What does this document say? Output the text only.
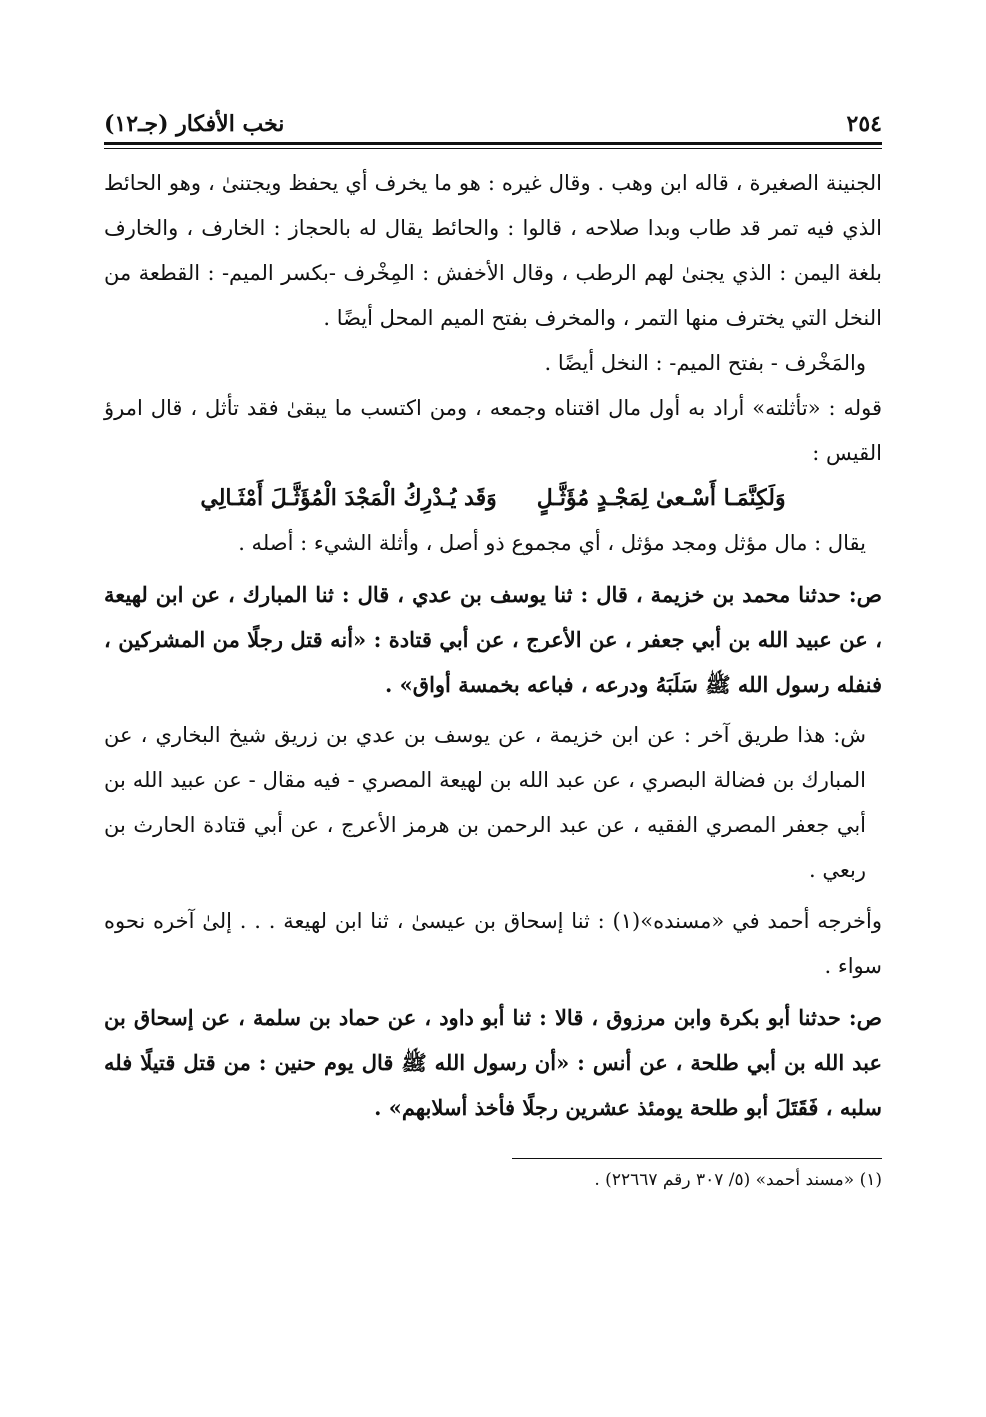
٢٥٤
نخب الأفكار (جـ١٢)

الجنينة الصغيرة ، قاله ابن وهب . وقال غيره : هو ما يخرف أي يحفظ ويجتنىٰ ، وهو الحائط الذي فيه تمر قد طاب وبدا صلاحه ، قالوا : والحائط يقال له بالحجاز : الخارف ، والخارف بلغة اليمن : الذي يجنىٰ لهم الرطب ، وقال الأخفش : المِخْرف -بكسر الميم- : القطعة من النخل التي يخترف منها التمر ، والمخرف بفتح الميم المحل أيضًا .

والمَخْرف - بفتح الميم- : النخل أيضًا .

قوله : «تأثلته» أراد به أول مال اقتناه وجمعه ، ومن اكتسب ما يبقىٰ فقد تأثل ، قال امرؤ القيس :

وَلَكِنَّمَـا أَسْـعىٰ لِمَجْـدٍ مُؤَثَّـلٍ
وَقَد يُـدْرِكُ الْمَجْدَ الْمُؤَثَّـلَ أَمْثَـالِي

يقال : مال مؤثل ومجد مؤثل ، أي مجموع ذو أصل ، وأثلة الشيء : أصله .

ص: حدثنا محمد بن خزيمة ، قال : ثنا يوسف بن عدي ، قال : ثنا المبارك ، عن ابن لهيعة ، عن عبيد الله بن أبي جعفر ، عن الأعرج ، عن أبي قتادة : «أنه قتل رجلًا من المشركين ، فنفله رسول الله ﷺ سَلَبَهُ ودرعه ، فباعه بخمسة أواق» .

ش: هذا طريق آخر : عن ابن خزيمة ، عن يوسف بن عدي بن زريق شيخ البخاري ، عن المبارك بن فضالة البصري ، عن عبد الله بن لهيعة المصري - فيه مقال - عن عبيد الله بن أبي جعفر المصري الفقيه ، عن عبد الرحمن بن هرمز الأعرج ، عن أبي قتادة الحارث بن ربعي .

وأخرجه أحمد في «مسنده»(١) : ثنا إسحاق بن عيسىٰ ، ثنا ابن لهيعة . . . إلىٰ آخره نحوه سواء .

ص: حدثنا أبو بكرة وابن مرزوق ، قالا : ثنا أبو داود ، عن حماد بن سلمة ، عن إسحاق بن عبد الله بن أبي طلحة ، عن أنس : «أن رسول الله ﷺ قال يوم حنين : من قتل قتيلًا فله سلبه ، فَقَتَلَ أبو طلحة يومئذ عشرين رجلًا فأخذ أسلابهم» .

(١) «مسند أحمد» (٥/ ٣٠٧ رقم ٢٢٦٦٧) .
